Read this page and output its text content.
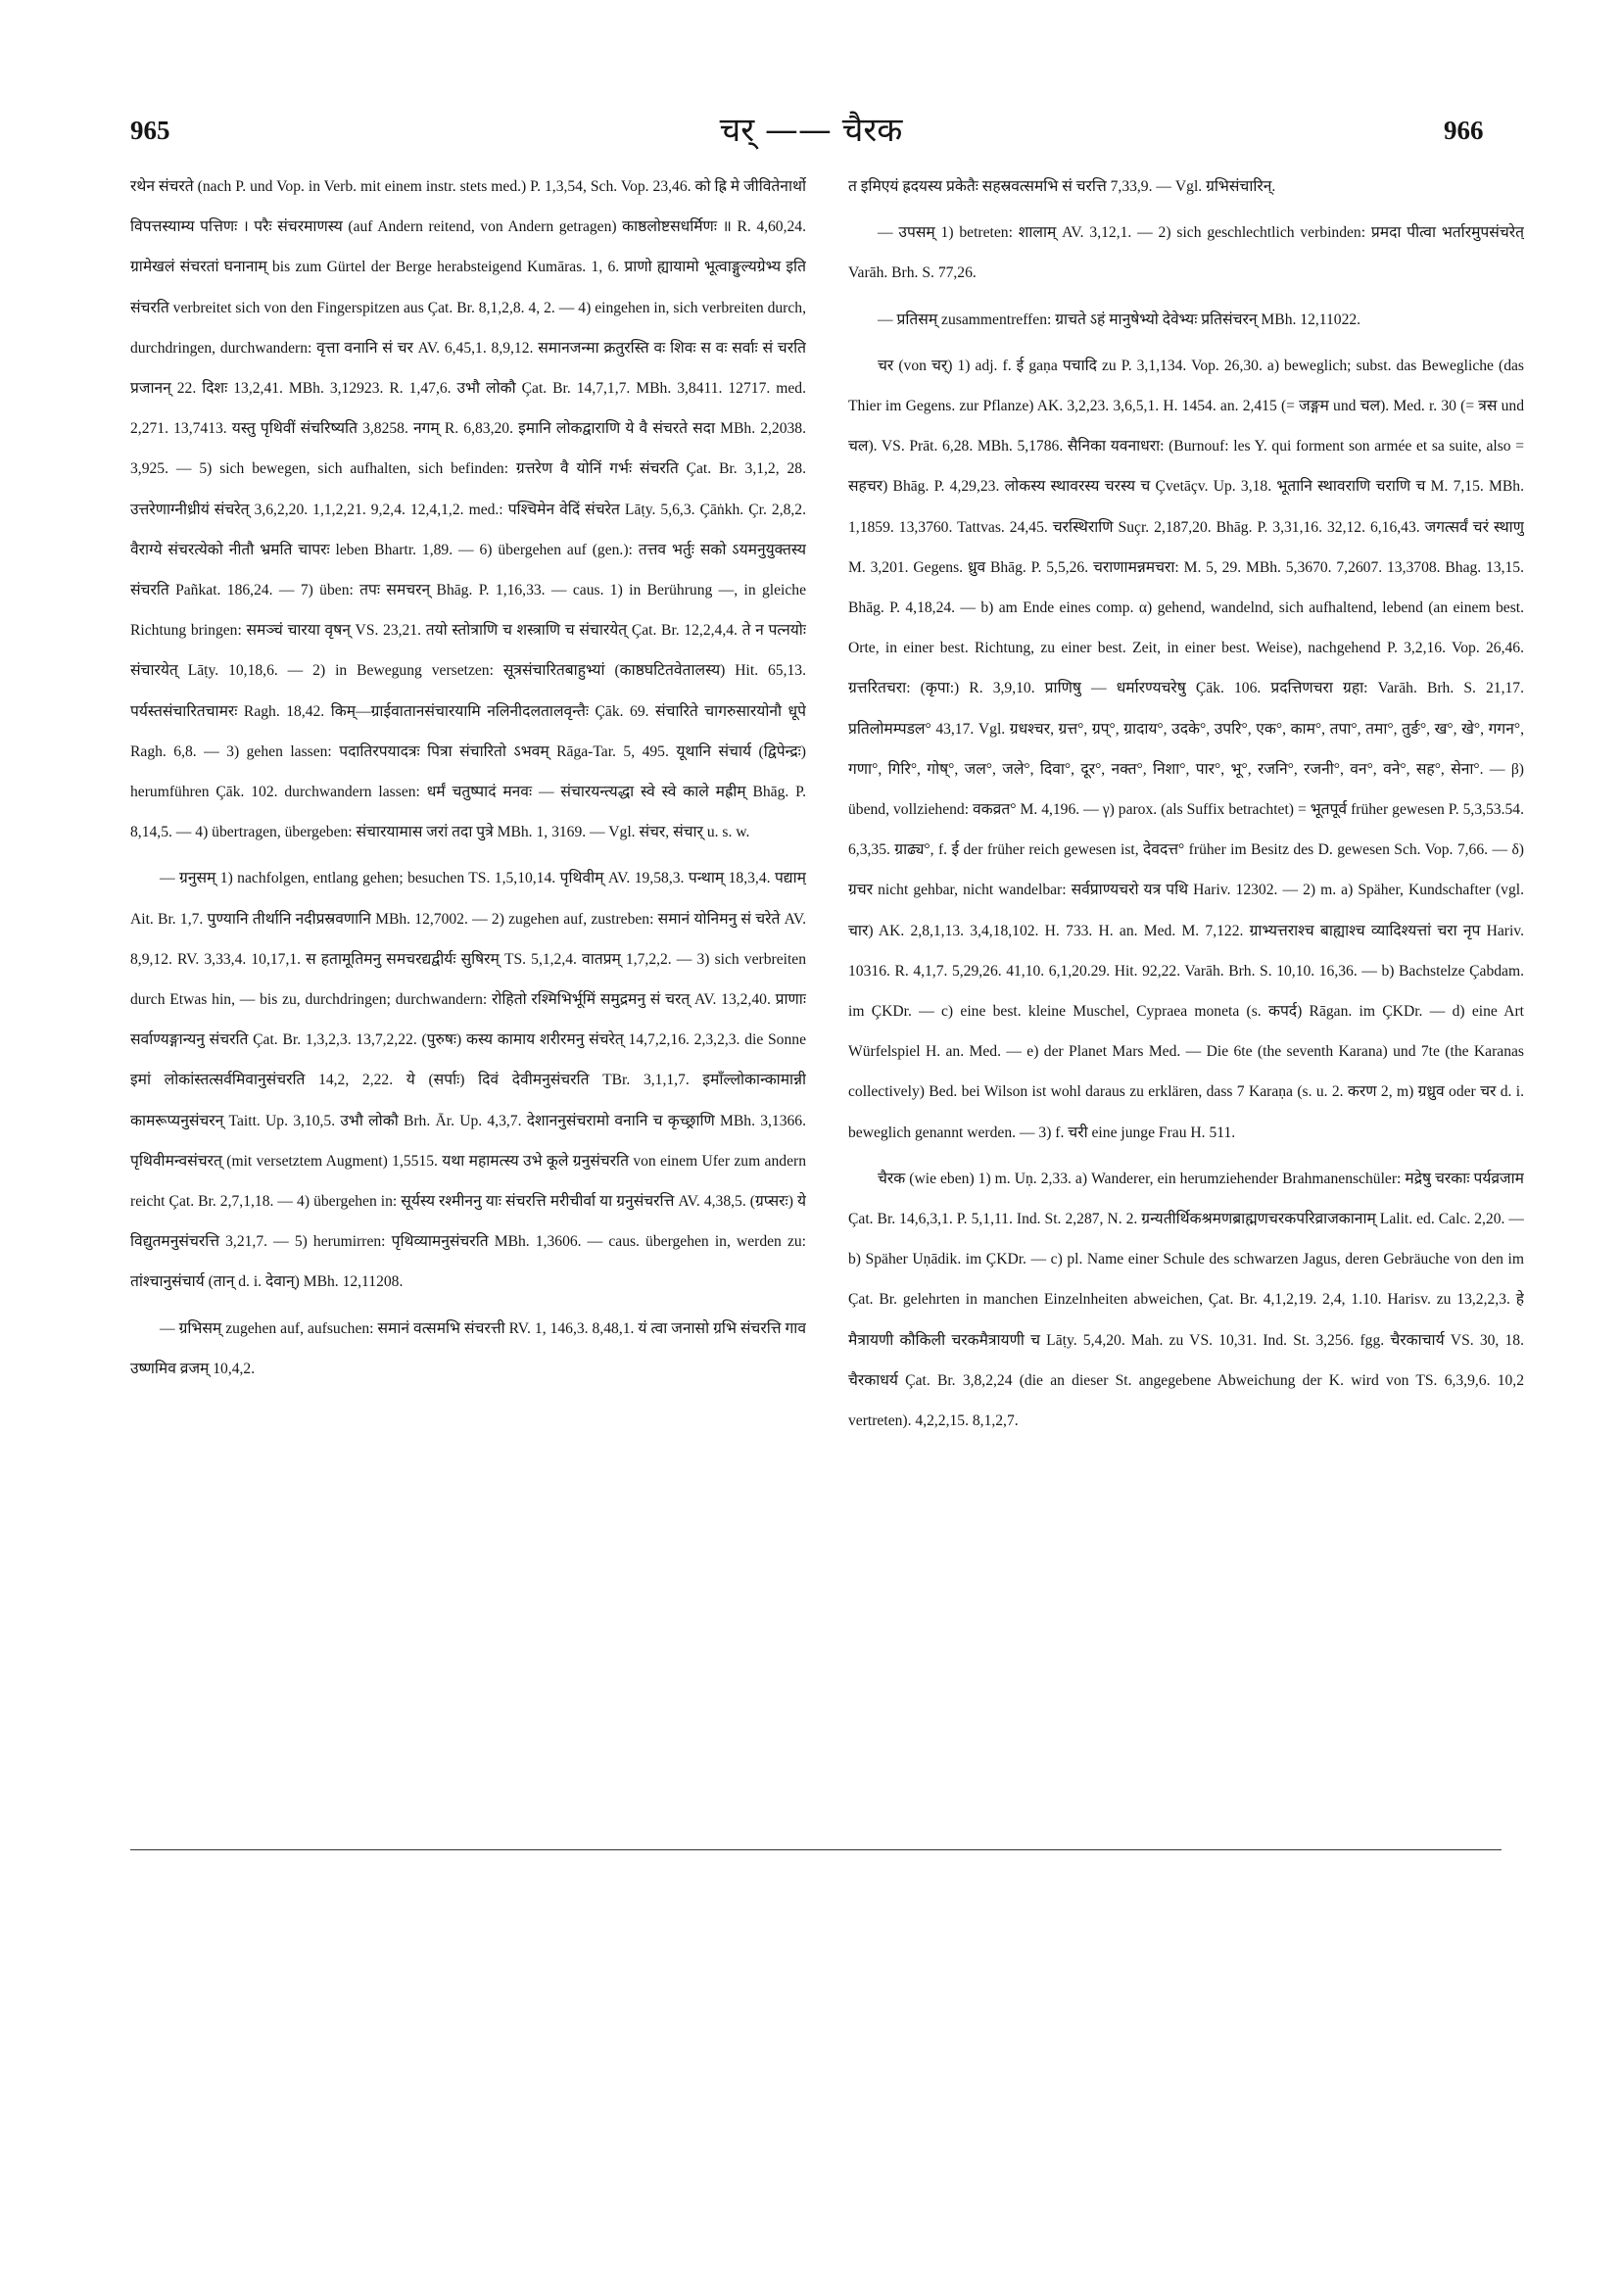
965	चर् —— चैरक	966

रथेन संचरते (nach P. und Vop. in Verb. mit einem instr. stets med.) P. 1,3,54, Sch. Vop. 23,46. को ह्रि मे जीवितेनार्थो विपत्तस्याम्य पत्तिणः । परैः संचरमाणस्य (auf Andern reitend, von Andern getragen) काष्ठलोष्टसधर्मिणः ॥ R. 4,60,24. ग्रामेखलं संचरतां घनानाम् bis zum Gürtel der Berge herabsteigend Kumāras. 1, 6. प्राणो ह्यायामो भूत्वाङ्गुल्यग्रेभ्य इति संचरति verbreitet sich von den Fingerspitzen aus Çat. Br. 8,1,2,8. 4, 2. — 4) eingehen in, sich verbreiten durch, durchdringen, durchwandern: वृत्ता वनानि सं चर AV. 6,45,1. 8,9,12. समानजन्मा क्रतुरस्ति वः शिवः स वः सर्वाः सं चरति प्रजानन् 22. दिशः 13,2,41. MBh. 3,12923. R. 1,47,6. उभौ लोकौ Çat. Br. 14,7,1,7. MBh. 3,8411. 12717. med. 2,271. 13,7413. यस्तु पृथिवीं संचरिष्यति 3,8258. नगम् R. 6,83,20. इमानि लोकद्वाराणि ये वै संचरते सदा MBh. 2,2038. 3,925. — 5) sich bewegen, sich aufhalten, sich befinden: ग्रत्तरेण वै योनिं गर्भः संचरति Çat. Br. 3,1,2, 28. उत्तरेणाग्नीध्रीयं संचरेत् 3,6,2,20. 1,1,2,21. 9,2,4. 12,4,1,2. med.: पश्चिमेन वेदिं संचरेत Lāṭy. 5,6,3. Çāṅkh. Çr. 2,8,2. वैराग्ये संचरत्येको नीतौ भ्रमति चापरः leben Bhartr. 1,89. — 6) übergehen auf (gen.): तत्तव भर्तुः सको ऽयमनुयुक्तस्य संचरति Pañkat. 186,24. — 7) üben: तपः समचरन् Bhāg. P. 1,16,33. — caus. 1) in Berührung —, in gleiche Richtung bringen: समञ्चं चारया वृषन् VS. 23,21. तयो स्तोत्राणि च शस्त्राणि च संचारयेत् Çat. Br. 12,2,4,4. ते न पत्नयोः संचारयेत् Lāṭy. 10,18,6. — 2) in Bewegung versetzen: सूत्रसंचारितबाहुभ्यां (काष्ठघटितवेतालस्य) Hit. 65,13. पर्यस्तसंचारितचामरः Ragh. 18,42. किम्—ग्राईवातानसंचारयामि नलिनीदलतालवृन्तैः Çāk. 69. संचारिते चागरुसारयोनौ धूपे Ragh. 6,8. — 3) gehen lassen: पदातिरपयादत्रः पित्रा संचारितो ऽभवम् Rāga-Tar. 5, 495. यूथानि संचार्य (द्विपेन्द्रः) herumführen Çāk. 102. durchwandern lassen: धर्मं चतुष्पादं मनवः — संचारयन्त्यद्धा स्वे स्वे काले मह्रीम् Bhāg. P. 8,14,5. — 4) übertragen, übergeben: संचारयामास जरां तदा पुत्रे MBh. 1, 3169. — Vgl. संचर, संचार् u. s. w.

— ग्रनुसम् 1) nachfolgen, entlang gehen; besuchen TS. 1,5,10,14. पृथिवीम् AV. 19,58,3. पन्थाम् 18,3,4. पद्याम् Ait. Br. 1,7. पुण्यानि तीर्थानि नदीप्रस्रवणानि MBh. 12,7002. — 2) zugehen auf, zustreben: समानं योनिमनु सं चरेते AV. 8,9,12. RV. 3,33,4. 10,17,1. स हतामूतिमनु समचरद्यद्वीर्यः सुषिरम् TS. 5,1,2,4. वातप्रम् 1,7,2,2. — 3) sich verbreiten durch Etwas hin, — bis zu, durchdringen; durchwandern: रोहितो रश्मिभिर्भूमिं समुद्रमनु सं चरत् AV. 13,2,40. प्राणाः सर्वाण्यङ्गान्यनु संचरति Çat. Br. 1,3,2,3. 13,7,2,22. (पुरुषः) कस्य कामाय शरीरमनु संचरेत् 14,7,2,16. 2,3,2,3. die Sonne इमां लोकांस्तत्सर्वमिवानुसंचरति 14,2, 2,22. ये (सर्पाः) दिवं देवीमनुसंचरति TBr. 3,1,1,7. इमाँल्लोकान्कामान्नी कामरूप्यनुसंचरन् Taitt. Up. 3,10,5. उभौ लोकौ Brh. Ār. Up. 4,3,7. देशाननुसंचरामो वनानि च कृच्छ्राणि MBh. 3,1366. पृथिवीमन्वसंचरत् (mit versetztem Augment) 1,5515. यथा महामत्स्य उभे कूले ग्रनुसंचरति von einem Ufer zum andern reicht Çat. Br. 2,7,1,18. — 4) übergehen in: सूर्यस्य रश्मीननु याः संचरत्ति मरीचीर्वा या ग्रनुसंचरत्ति AV. 4,38,5. (ग्रप्सरः) ये विद्युतमनुसंचरत्ति 3,21,7. — 5) herumirren: पृथिव्यामनुसंचरति MBh. 1,3606. — caus. übergehen in, werden zu: तांश्चानुसंचार्य (तान् d. i. देवान्) MBh. 12,11208.

— ग्रभिसम् zugehen auf, aufsuchen: समानं वत्समभि संचरत्ती RV. 1, 146,3. 8,48,1. यं त्वा जनासो ग्रभि संचरत्ति गाव उष्णमिव व्रजम् 10,4,2.

त इमिएयं ह्रदयस्य प्रकेतैः सहस्रवत्समभि सं चरत्ति 7,33,9. — Vgl. ग्रभिसंचारिन्.

— उपसम् 1) betreten: शालाम् AV. 3,12,1. — 2) sich geschlechtlich verbinden: प्रमदा पीत्वा भर्तारमुपसंचरेत् Varāh. Brh. S. 77,26.

— प्रतिसम् zusammentreffen: ग्राचते ऽहं मानुषेभ्यो देवेभ्यः प्रतिसंचरन् MBh. 12,11022.

चर (von चर्) 1) adj. f. ई gaṇa पचादि zu P. 3,1,134. Vop. 26,30. a) beweglich; subst. das Bewegliche (das Thier im Gegens. zur Pflanze) AK. 3,2,23. 3,6,5,1. H. 1454. an. 2,415 (= जङ्गम und चल). Med. r. 30 (= त्रस und चल). VS. Prāt. 6,28. MBh. 5,1786. सैनिका यवनाधरा: (Burnouf: les Y. qui forment son armée et sa suite, also = सहचर) Bhāg. P. 4,29,23. लोकस्य स्थावरस्य चरस्य च Çvetāçv. Up. 3,18. भूतानि स्थावराणि चराणि च M. 7,15. MBh. 1,1859. 13,3760. Tattvas. 24,45. चरस्थिराणि Suçr. 2,187,20. Bhāg. P. 3,31,16. 32,12. 6,16,43. जगत्सर्वं चरं स्थाणु M. 3,201. Gegens. ध्रुव Bhāg. P. 5,5,26. चराणामन्नमचरा: M. 5, 29. MBh. 5,3670. 7,2607. 13,3708. Bhag. 13,15. Bhāg. P. 4,18,24. — b) am Ende eines comp. α) gehend, wandelnd, sich aufhaltend, lebend (an einem best. Orte, in einer best. Richtung, zu einer best. Zeit, in einer best. Weise), nachgehend P. 3,2,16. Vop. 26,46. ग्रत्तरितचरा: (कृपा:) R. 3,9,10. प्राणिषु — धर्मारण्यचरेषु Çāk. 106. प्रदत्तिणचरा ग्रहा: Varāh. Brh. S. 21,17. प्रतिलोमम्पडल° 43,17. Vgl. ग्रधश्चर, ग्रत्त°, ग्रप्°, ग्रादाय°, उदके°, उपरि°, एक°, काम°, तपा°, तमा°, तुर्ङ°, ख°, खे°, गगन°, गणा°, गिरि°, गोष्°, जल°, जले°, दिवा°, दूर°, नक्त°, निशा°, पार°, भू°, रजनि°, रजनी°, वन°, वने°, सह°, सेना°. — β) übend, vollziehend: वकव्रत° M. 4,196. — γ) parox. (als Suffix betrachtet) = भूतपूर्व früher gewesen P. 5,3,53.54. 6,3,35. ग्राढ्य°, f. ई der früher reich gewesen ist, देवदत्त° früher im Besitz des D. gewesen Sch. Vop. 7,66. — δ) ग्रचर nicht gehbar, nicht wandelbar: सर्वप्राण्यचरो यत्र पथि Hariv. 12302. — 2) m. a) Späher, Kundschafter (vgl. चार) AK. 2,8,1,13. 3,4,18,102. H. 733. H. an. Med. M. 7,122. ग्राभ्यत्तराश्च बाह्याश्च व्यादिश्यत्तां चरा नृप Hariv. 10316. R. 4,1,7. 5,29,26. 41,10. 6,1,20.29. Hit. 92,22. Varāh. Brh. S. 10,10. 16,36. — b) Bachstelze Çabdam. im ÇKDr. — c) eine best. kleine Muschel, Cypraea moneta (s. कपर्द) Rāgan. im ÇKDr. — d) eine Art Würfelspiel H. an. Med. — e) der Planet Mars Med. — Die 6te (the seventh Karana) und 7te (the Karanas collectively) Bed. bei Wilson ist wohl daraus zu erklären, dass 7 Karaṇa (s. u. 2. करण 2, m) ग्रध्रुव oder चर d. i. beweglich genannt werden. — 3) f. चरी eine junge Frau H. 511.

चैरक (wie eben) 1) m. Uṇ. 2,33. a) Wanderer, ein herumziehender Brahmanenschüler: मद्रेषु चरकाः पर्यव्रजाम Çat. Br. 14,6,3,1. P. 5,1,11. Ind. St. 2,287, N. 2. ग्रन्यतीर्थिकश्रमणब्राह्मणचरकपरिव्राजकानाम् Lalit. ed. Calc. 2,20. — b) Späher Uṇādik. im ÇKDr. — c) pl. Name einer Schule des schwarzen Jagus, deren Gebräuche von den im Çat. Br. gelehrten in manchen Einzelnheiten abweichen, Çat. Br. 4,1,2,19. 2,4, 1.10. Harisv. zu 13,2,2,3. हे मैत्रायणी कौकिली चरकमैत्रायणी च Lāṭy. 5,4,20. Mah. zu VS. 10,31. Ind. St. 3,256. fgg. चैरकाचार्य VS. 30, 18. चैरकाधर्य Çat. Br. 3,8,2,24 (die an dieser St. angegebene Abweichung der K. wird von TS. 6,3,9,6. 10,2 vertreten). 4,2,2,15. 8,1,2,7.
